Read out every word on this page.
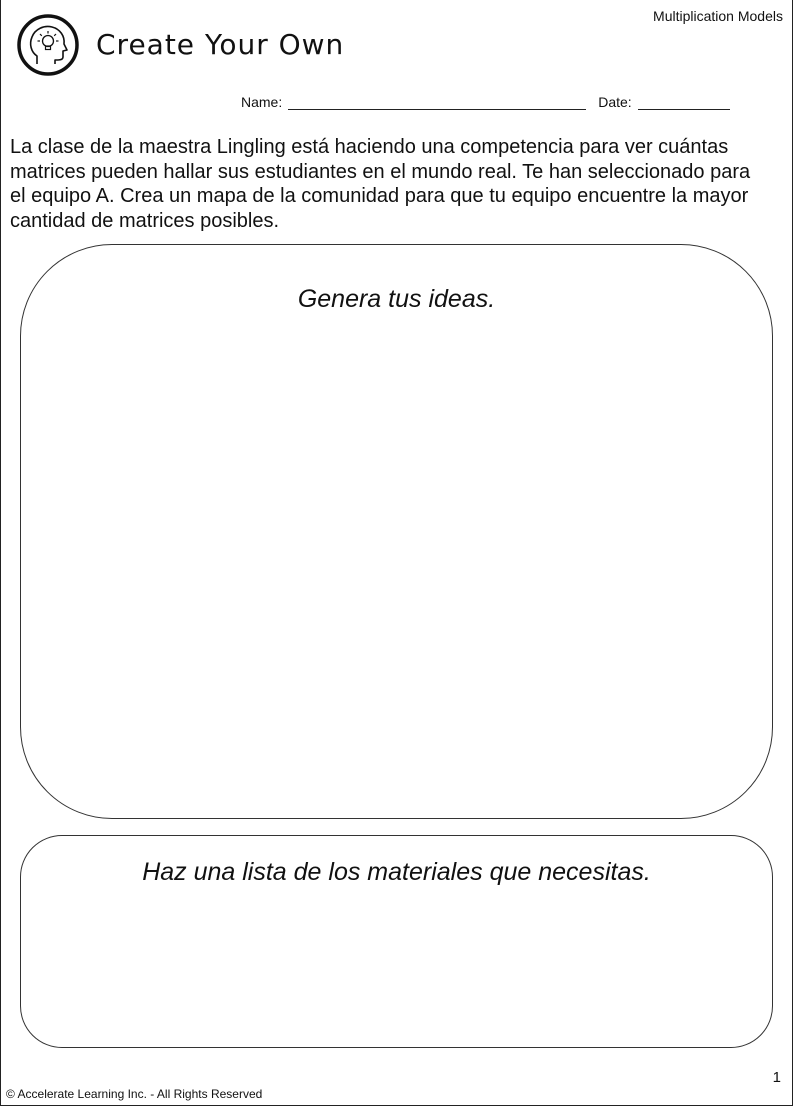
Multiplication Models
Create Your Own
Name:	Date:
La clase de la maestra Lingling está haciendo una competencia para ver cuántas matrices pueden hallar sus estudiantes en el mundo real. Te han seleccionado para el equipo A. Crea un mapa de la comunidad para que tu equipo encuentre la mayor cantidad de matrices posibles.
Genera tus ideas.
Haz una lista de los materiales que necesitas.
1
© Accelerate Learning Inc. - All Rights Reserved
